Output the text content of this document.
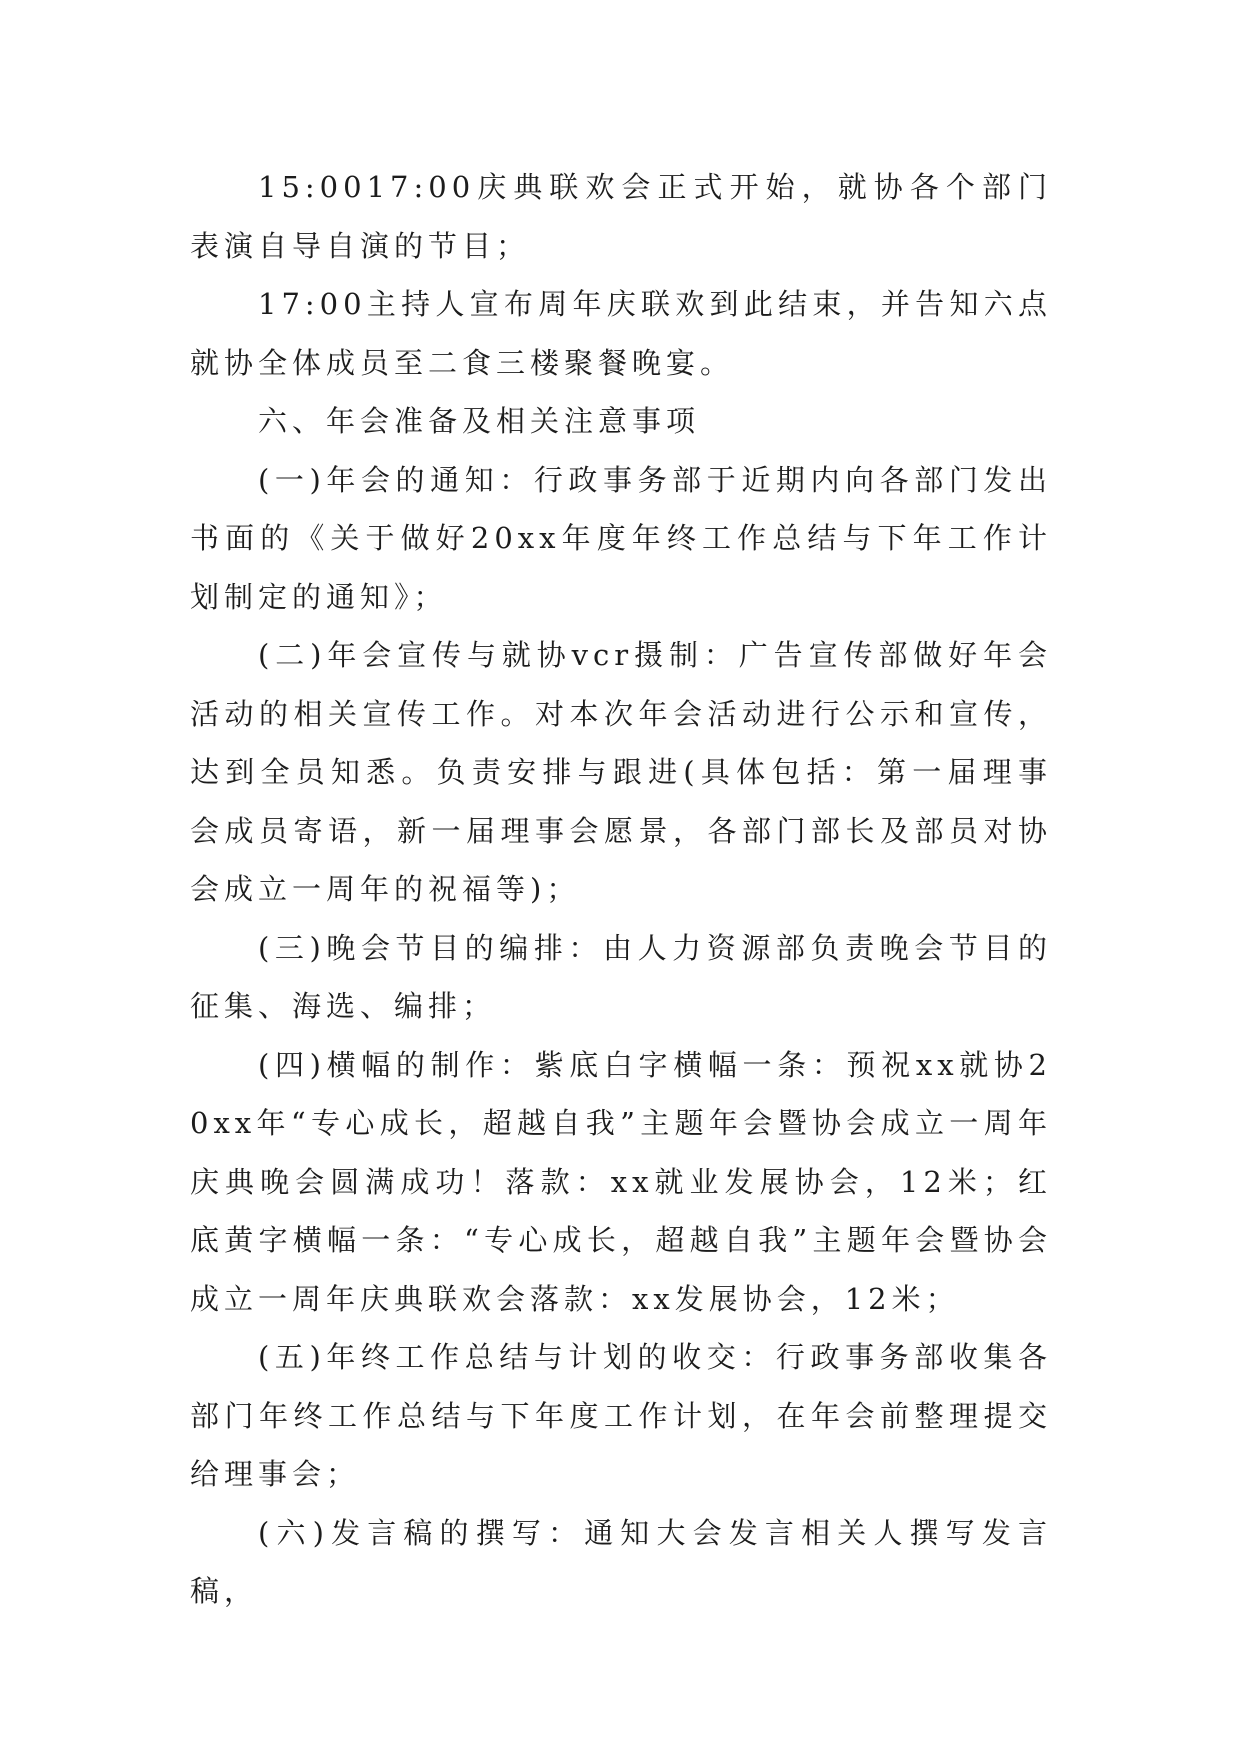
15:0017:00庆典联欢会正式开始，就协各个部门表演自导自演的节目；

17:00主持人宣布周年庆联欢到此结束，并告知六点就协全体成员至二食三楼聚餐晚宴。

六、年会准备及相关注意事项

(一)年会的通知：行政事务部于近期内向各部门发出书面的《关于做好20xx年度年终工作总结与下年工作计划制定的通知》；

(二)年会宣传与就协vcr摄制：广告宣传部做好年会活动的相关宣传工作。对本次年会活动进行公示和宣传，达到全员知悉。负责安排与跟进(具体包括：第一届理事会成员寄语，新一届理事会愿景，各部门部长及部员对协会成立一周年的祝福等)；

(三)晚会节目的编排：由人力资源部负责晚会节目的征集、海选、编排；

(四)横幅的制作：紫底白字横幅一条：预祝xx就协20xx年“专心成长，超越自我”主题年会暨协会成立一周年庆典晚会圆满成功！落款：xx就业发展协会，12米；红底黄字横幅一条：“专心成长，超越自我”主题年会暨协会成立一周年庆典联欢会落款：xx发展协会，12米；

(五)年终工作总结与计划的收交：行政事务部收集各部门年终工作总结与下年度工作计划，在年会前整理提交给理事会；

(六)发言稿的撰写：通知大会发言相关人撰写发言稿，
